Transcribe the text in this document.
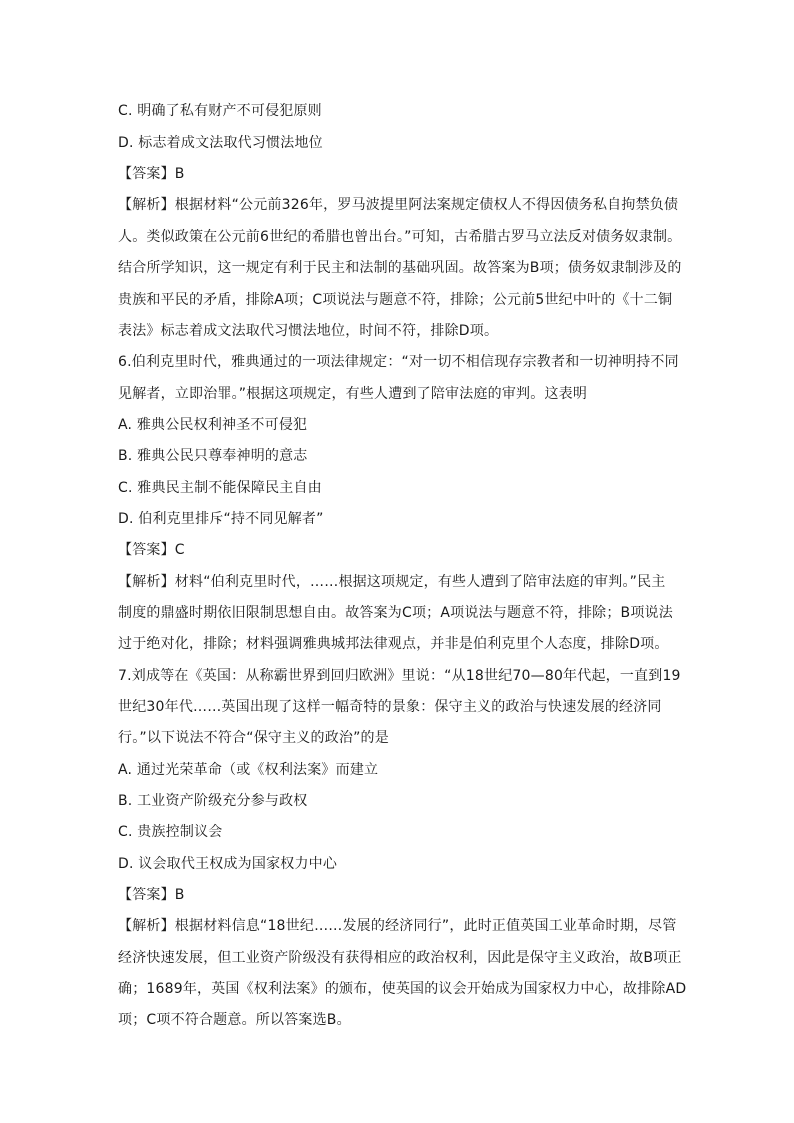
C. 明确了私有财产不可侵犯原则
D. 标志着成文法取代习惯法地位
【答案】B
【解析】根据材料“公元前326年，罗马波提里阿法案规定债权人不得因债务私自拘禁负债
人。类似政策在公元前6世纪的希腊也曾出台。”可知，古希腊古罗马立法反对债务奴隶制。
结合所学知识，这一规定有利于民主和法制的基础巩固。故答案为B项；债务奴隶制涉及的
贵族和平民的矛盾，排除A项；C项说法与题意不符，排除；公元前5世纪中叶的《十二铜
表法》标志着成文法取代习惯法地位，时间不符，排除D项。
6.伯利克里时代，雅典通过的一项法律规定：“对一切不相信现存宗教者和一切神明持不同
见解者，立即治罪。”根据这项规定，有些人遭到了陪审法庭的审判。这表明
A. 雅典公民权利神圣不可侵犯
B. 雅典公民只尊奉神明的意志
C. 雅典民主制不能保障民主自由
D. 伯利克里排斥“持不同见解者”
【答案】C
【解析】材料“伯利克里时代，……根据这项规定，有些人遭到了陪审法庭的审判。”民主
制度的鼎盛时期依旧限制思想自由。故答案为C项；A项说法与题意不符，排除；B项说法
过于绝对化，排除；材料强调雅典城邦法律观点，并非是伯利克里个人态度，排除D项。
7.刘成等在《英国：从称霸世界到回归欧洲》里说：“从18世纪70—80年代起，一直到19
世纪30年代……英国出现了这样一幅奇特的景象：保守主义的政治与快速发展的经济同
行。”以下说法不符合“保守主义的政治”的是
A. 通过光荣革命（或《权利法案》而建立
B. 工业资产阶级充分参与政权
C. 贵族控制议会
D. 议会取代王权成为国家权力中心
【答案】B
【解析】根据材料信息“18世纪……发展的经济同行”，此时正值英国工业革命时期，尽管
经济快速发展，但工业资产阶级没有获得相应的政治权利，因此是保守主义政治，故B项正
确；1689年，英国《权利法案》的颁布，使英国的议会开始成为国家权力中心，故排除AD
项；C项不符合题意。所以答案选B。
